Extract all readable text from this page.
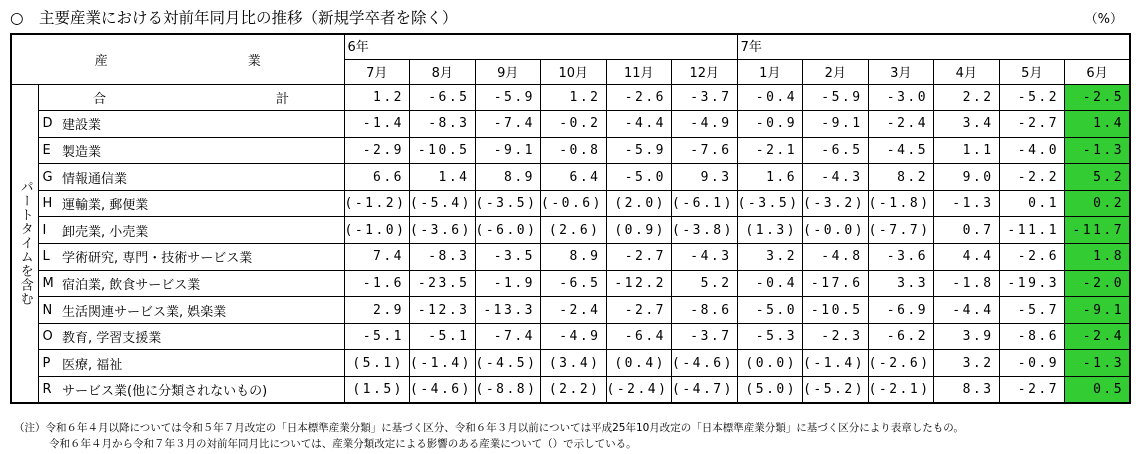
○　主要産業における対前年同月比の推移（新規学卒者を除く）	（%）
産 業			6年						7年					
			7月	8月	9月	10月	11月	12月	1月	2月	3月	4月	5月	6月
パートタイムを含む	合 計		1.2	-6.5	-5.9	1.2	-2.6	-3.7	-0.4	-5.9	-3.0	2.2	-5.2	-2.5
	D	建設業	-1.4	-8.3	-7.4	-0.2	-4.4	-4.9	-0.9	-9.1	-2.4	3.4	-2.7	1.4
	E	製造業	-2.9	-10.5	-9.1	-0.8	-5.9	-7.6	-2.1	-6.5	-4.5	1.1	-4.0	-1.3
	G	情報通信業	6.6	1.4	8.9	6.4	-5.0	9.3	1.6	-4.3	8.2	9.0	-2.2	5.2
	H	運輸業, 郵便業	(-1.2)	(-5.4)	(-3.5)	(-0.6)	(2.0)	(-6.1)	(-3.5)	(-3.2)	(-1.8)	-1.3	0.1	0.2
	I	卸売業, 小売業	(-1.0)	(-3.6)	(-6.0)	(2.6)	(0.9)	(-3.8)	(1.3)	(-0.0)	(-7.7)	0.7	-11.1	-11.7
	L	学術研究, 専門・技術サービス業	7.4	-8.3	-3.5	8.9	-2.7	-4.3	3.2	-4.8	-3.6	4.4	-2.6	1.8
	M	宿泊業, 飲食サービス業	-1.6	-23.5	-1.9	-6.5	-12.2	5.2	-0.4	-17.6	3.3	-1.8	-19.3	-2.0
	N	生活関連サービス業, 娯楽業	2.9	-12.3	-13.3	-2.4	-2.7	-8.6	-5.0	-10.5	-6.9	-4.4	-5.7	-9.1
	O	教育, 学習支援業	-5.1	-5.1	-7.4	-4.9	-6.4	-3.7	-5.3	-2.3	-6.2	3.9	-8.6	-2.4
	P	医療, 福祉	(5.1)	(-1.4)	(-4.5)	(3.4)	(0.4)	(-4.6)	(0.0)	(-1.4)	(-2.6)	3.2	-0.9	-1.3
	R	サービス業(他に分類されないもの)	(1.5)	(-4.6)	(-8.8)	(2.2)	(-2.4)	(-4.7)	(5.0)	(-5.2)	(-2.1)	8.3	-2.7	0.5
（注）令和６年４月以降については令和５年７月改定の「日本標準産業分類」に基づく区分、令和６年３月以前については平成25年10月改定の「日本標準産業分類」に基づく区分により表章したもの。
令和６年４月から令和７年３月の対前年同月比については、産業分類改定による影響のある産業について（）で示している。
